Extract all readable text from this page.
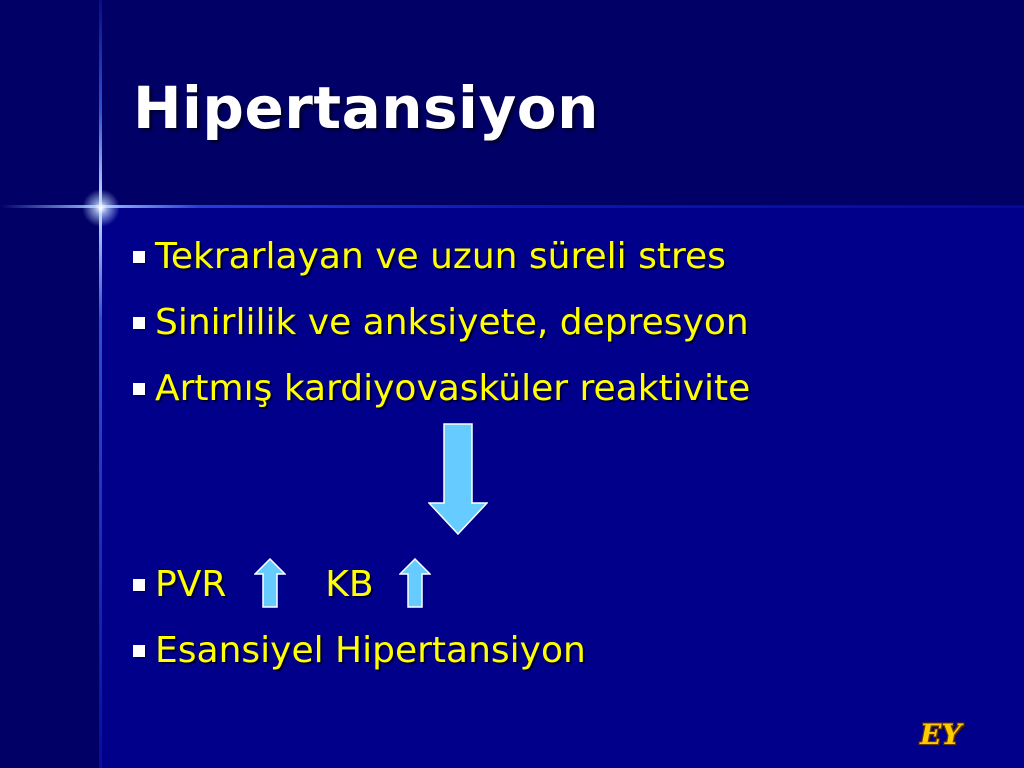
Hipertansiyon
Tekrarlayan ve uzun süreli stres
Sinirlilik ve anksiyete, depresyon
Artmış kardiyovasküler reaktivite
PVR	KB
Esansiyel Hipertansiyon
EY
